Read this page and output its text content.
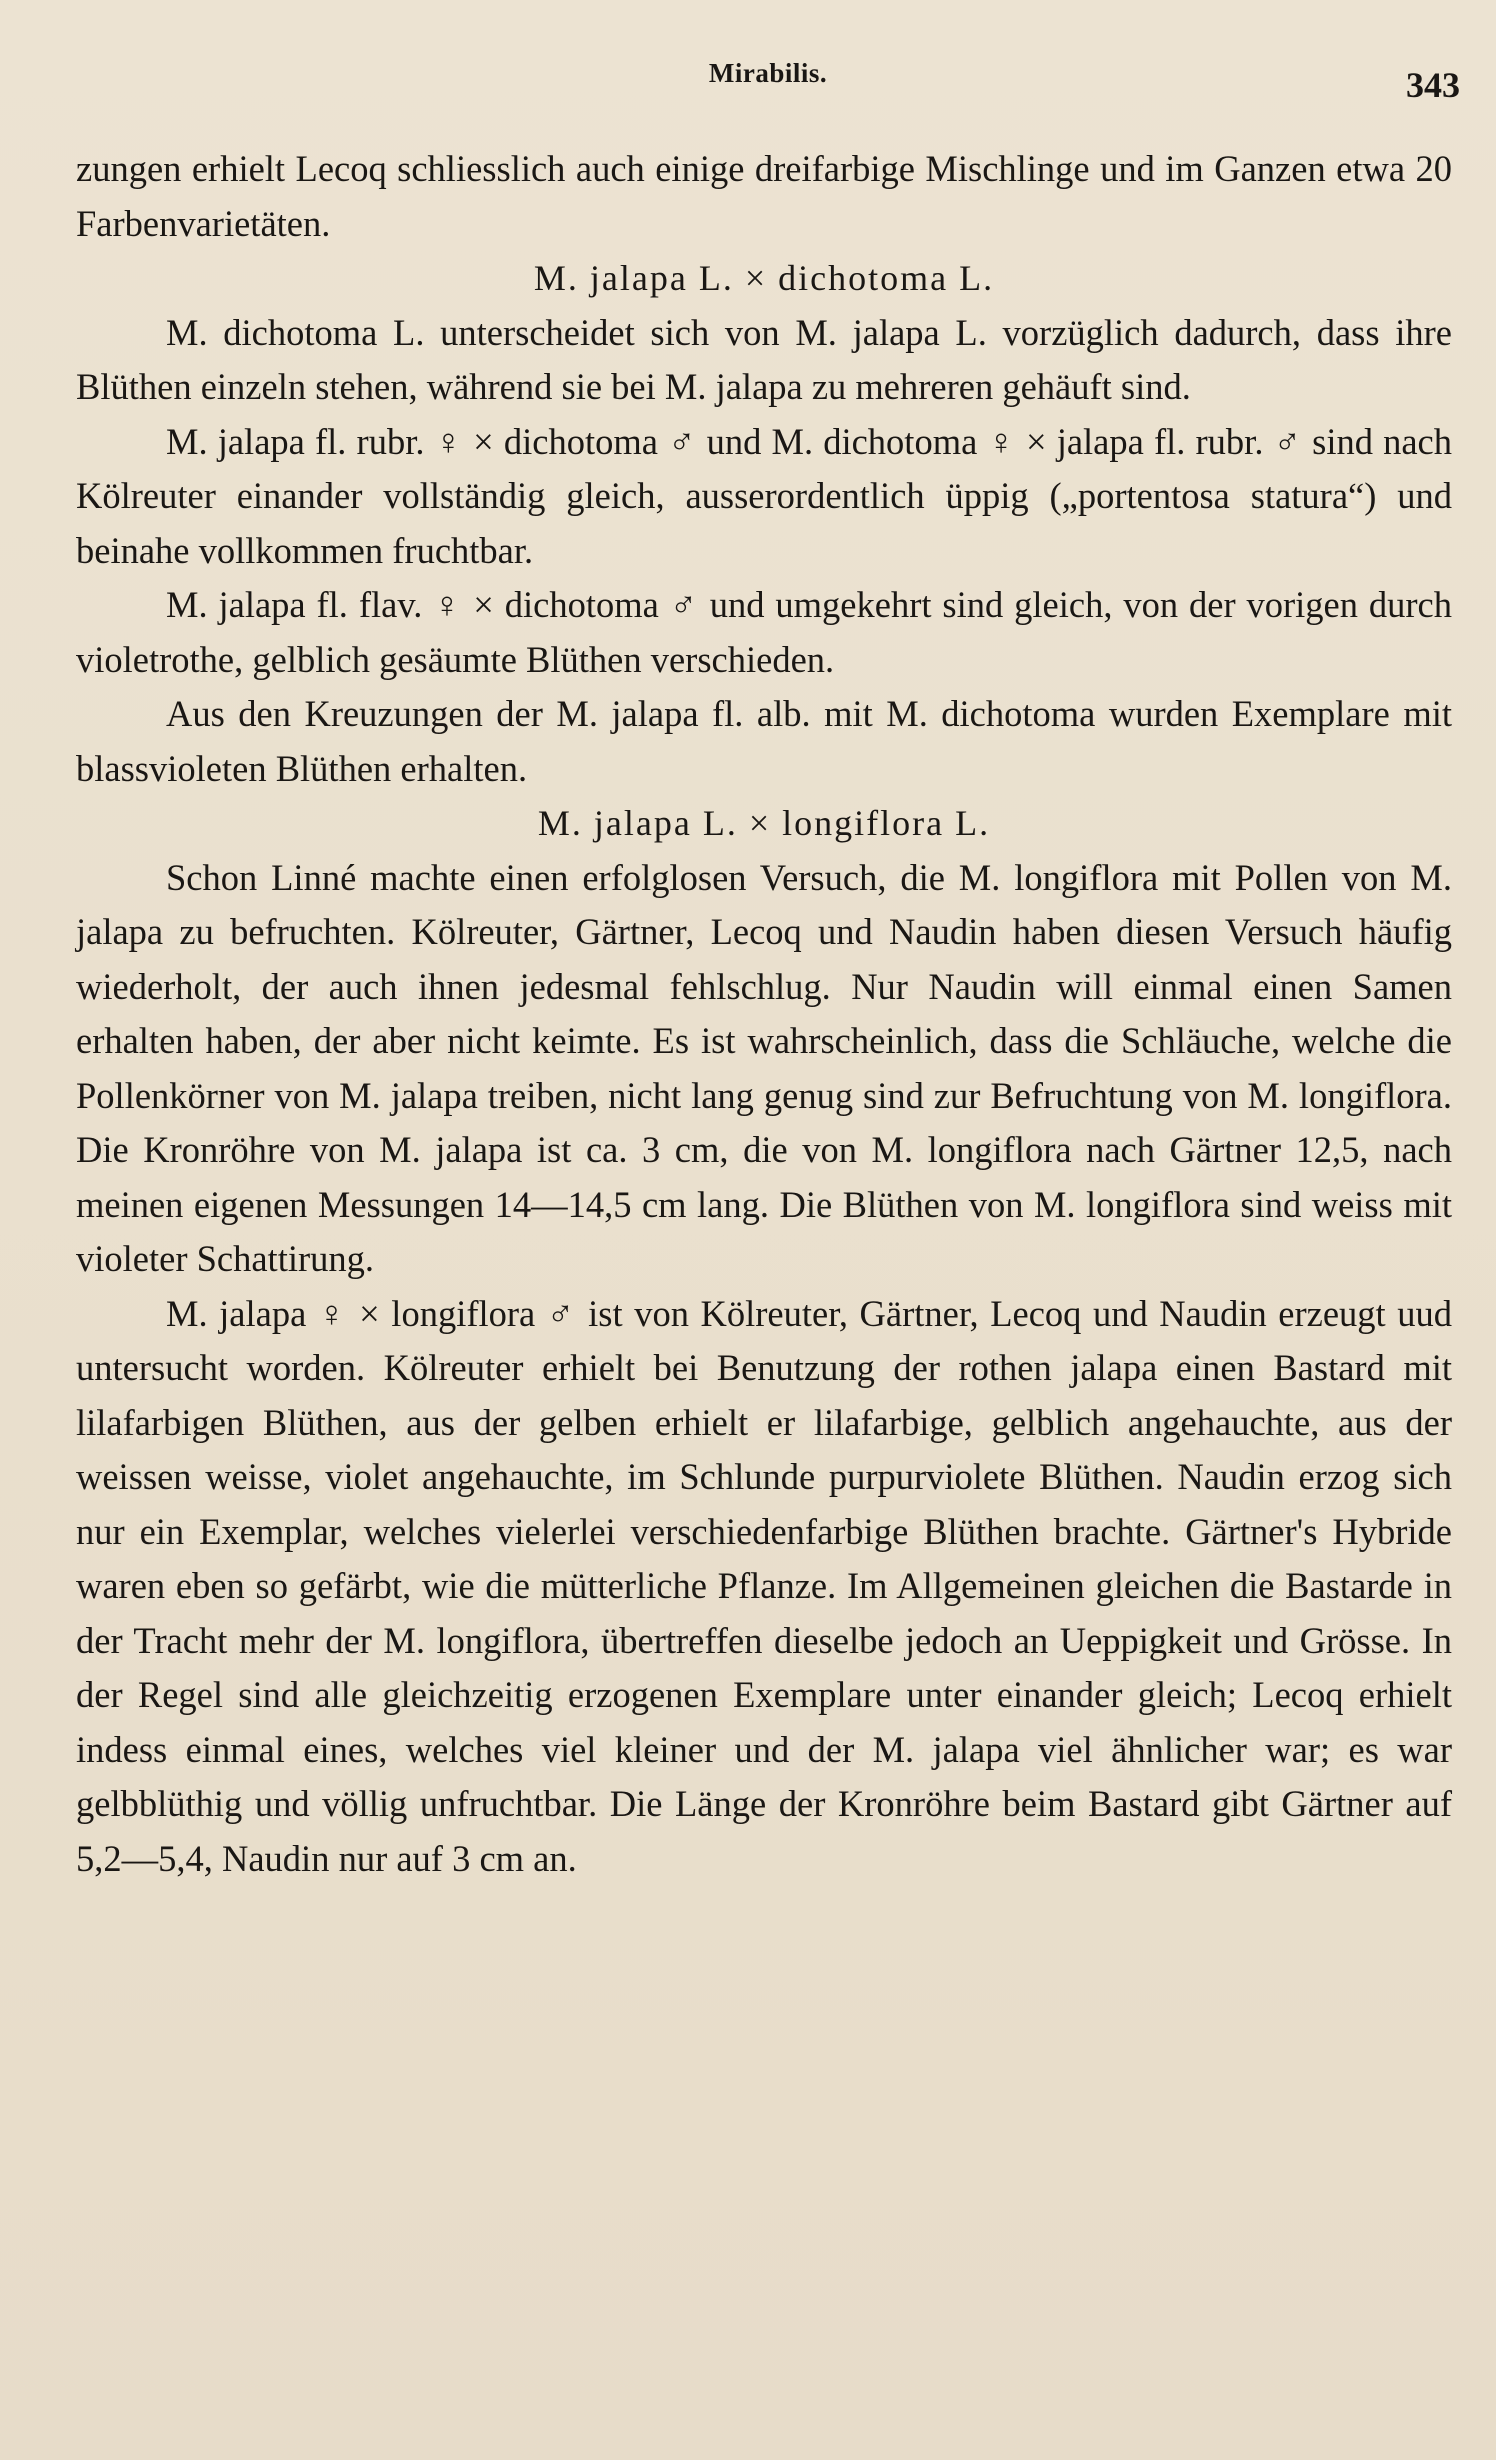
Mirabilis.	343

zungen erhielt Lecoq schliesslich auch einige dreifarbige Mischlinge und im Ganzen etwa 20 Farbenvarietäten.

M. jalapa L. × dichotoma L.

M. dichotoma L. unterscheidet sich von M. jalapa L. vorzüglich dadurch, dass ihre Blüthen einzeln stehen, während sie bei M. jalapa zu mehreren gehäuft sind.

M. jalapa fl. rubr. ♀ × dichotoma ♂ und M. dichotoma ♀ × jalapa fl. rubr. ♂ sind nach Kölreuter einander vollständig gleich, ausserordentlich üppig („portentosa statura“) und beinahe vollkommen fruchtbar.

M. jalapa fl. flav. ♀ × dichotoma ♂ und umgekehrt sind gleich, von der vorigen durch violetrothe, gelblich gesäumte Blüthen verschieden.

Aus den Kreuzungen der M. jalapa fl. alb. mit M. dichotoma wurden Exemplare mit blassvioleten Blüthen erhalten.

M. jalapa L. × longiflora L.

Schon Linné machte einen erfolglosen Versuch, die M. longiflora mit Pollen von M. jalapa zu befruchten. Kölreuter, Gärtner, Lecoq und Naudin haben diesen Versuch häufig wiederholt, der auch ihnen jedesmal fehlschlug. Nur Naudin will einmal einen Samen erhalten haben, der aber nicht keimte. Es ist wahrscheinlich, dass die Schläuche, welche die Pollenkörner von M. jalapa treiben, nicht lang genug sind zur Befruchtung von M. longiflora. Die Kronröhre von M. jalapa ist ca. 3 cm, die von M. longiflora nach Gärtner 12,5, nach meinen eigenen Messungen 14—14,5 cm lang. Die Blüthen von M. longiflora sind weiss mit violeter Schattirung.

M. jalapa ♀ × longiflora ♂ ist von Kölreuter, Gärtner, Lecoq und Naudin erzeugt uud untersucht worden. Kölreuter erhielt bei Benutzung der rothen jalapa einen Bastard mit lilafarbigen Blüthen, aus der gelben erhielt er lilafarbige, gelblich angehauchte, aus der weissen weisse, violet angehauchte, im Schlunde purpurviolete Blüthen. Naudin erzog sich nur ein Exemplar, welches vielerlei verschiedenfarbige Blüthen brachte. Gärtner's Hybride waren eben so gefärbt, wie die mütterliche Pflanze. Im Allgemeinen gleichen die Bastarde in der Tracht mehr der M. longiflora, übertreffen dieselbe jedoch an Ueppigkeit und Grösse. In der Regel sind alle gleichzeitig erzogenen Exemplare unter einander gleich; Lecoq erhielt indess einmal eines, welches viel kleiner und der M. jalapa viel ähnlicher war; es war gelbblüthig und völlig unfruchtbar. Die Länge der Kronröhre beim Bastard gibt Gärtner auf 5,2—5,4, Naudin nur auf 3 cm an.
